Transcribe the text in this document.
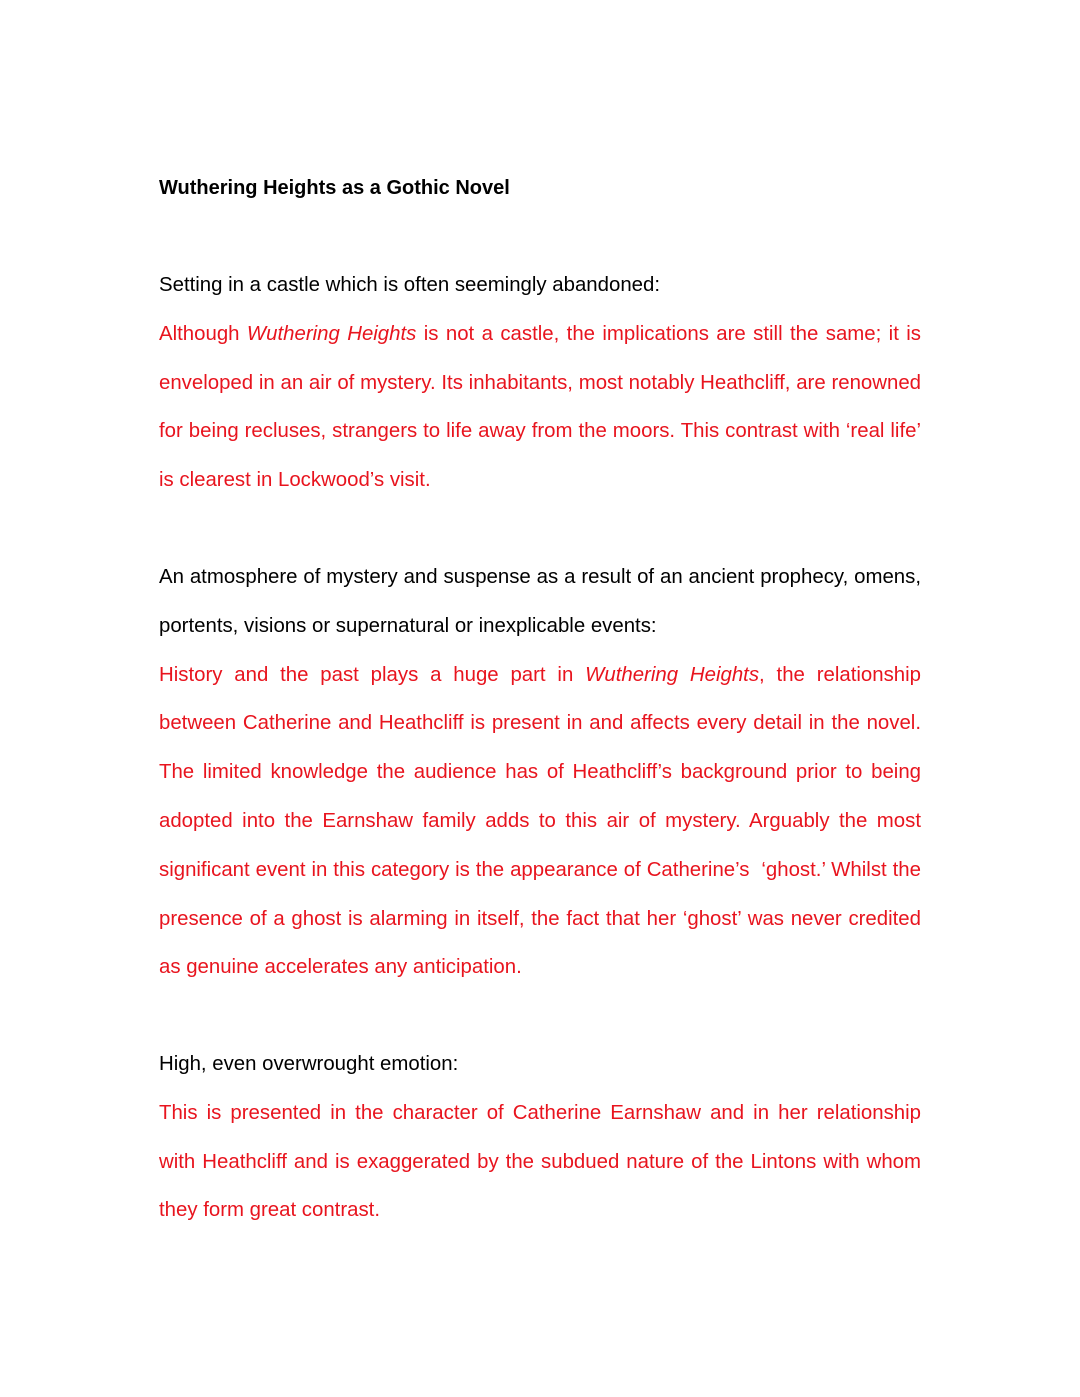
Wuthering Heights as a Gothic Novel

Setting in a castle which is often seemingly abandoned:

Although Wuthering Heights is not a castle, the implications are still the same; it is enveloped in an air of mystery. Its inhabitants, most notably Heathcliff, are renowned for being recluses, strangers to life away from the moors. This contrast with ‘real life’ is clearest in Lockwood’s visit.

An atmosphere of mystery and suspense as a result of an ancient prophecy, omens, portents, visions or supernatural or inexplicable events:

History and the past plays a huge part in Wuthering Heights, the relationship between Catherine and Heathcliff is present in and affects every detail in the novel. The limited knowledge the audience has of Heathcliff’s background prior to being adopted into the Earnshaw family adds to this air of mystery. Arguably the most significant event in this category is the appearance of Catherine’s  ‘ghost.’ Whilst the presence of a ghost is alarming in itself, the fact that her ‘ghost’ was never credited as genuine accelerates any anticipation.

High, even overwrought emotion:

This is presented in the character of Catherine Earnshaw and in her relationship with Heathcliff and is exaggerated by the subdued nature of the Lintons with whom they form great contrast.
